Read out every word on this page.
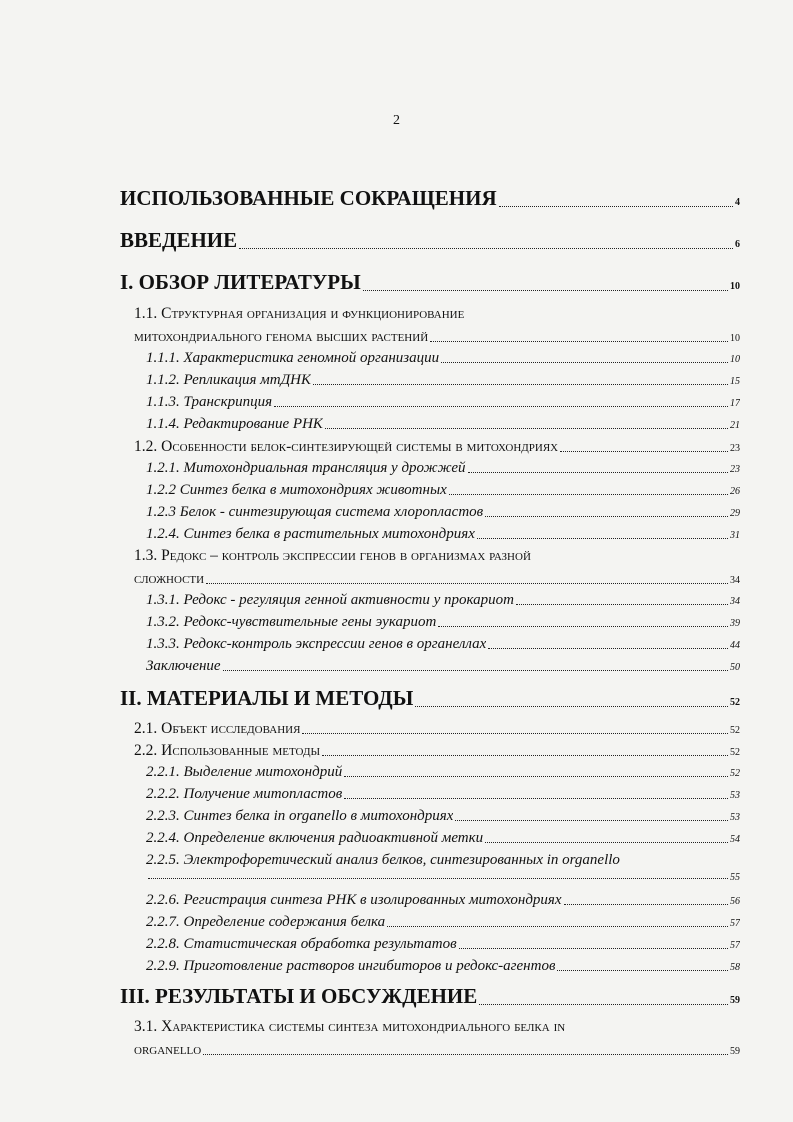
2
ИСПОЛЬЗОВАННЫЕ СОКРАЩЕНИЯ	4
ВВЕДЕНИЕ	6
I. ОБЗОР ЛИТЕРАТУРЫ	10
1.1. Структурная организация и функционирование
митохондриального генома высших растений	10
1.1.1. Характеристика геномной организации	10
1.1.2. Репликация мтДНК	15
1.1.3. Транскрипция	17
1.1.4. Редактирование РНК	21
1.2. Особенности белок-синтезирующей системы в митохондриях	23
1.2.1. Митохондриальная трансляция у дрожжей	23
1.2.2 Синтез белка в митохондриях животных	26
1.2.3 Белок - синтезирующая система хлоропластов	29
1.2.4. Синтез белка в растительных митохондриях	31
1.3. Редокс – контроль экспрессии генов в организмах разной
сложности	34
1.3.1. Редокс - регуляция генной активности у прокариот	34
1.3.2. Редокс-чувствительные гены эукариот	39
1.3.3. Редокс-контроль экспрессии генов в органеллах	44
Заключение	50
II. МАТЕРИАЛЫ И МЕТОДЫ	52
2.1. Объект исследования	52
2.2. Использованные методы	52
2.2.1. Выделение митохондрий	52
2.2.2. Получение митопластов	53
2.2.3. Синтез белка in organello в митохондриях	53
2.2.4. Определение включения радиоактивной метки	54
2.2.5. Электрофоретический анализ белков, синтезированных in organello
55
2.2.6. Регистрация синтеза РНК в изолированных митохондриях	56
2.2.7. Определение содержания белка	57
2.2.8. Статистическая обработка результатов	57
2.2.9. Приготовление растворов ингибиторов и редокс-агентов	58
III. РЕЗУЛЬТАТЫ И ОБСУЖДЕНИЕ	59
3.1. Характеристика системы синтеза митохондриального белка in
organello	59
